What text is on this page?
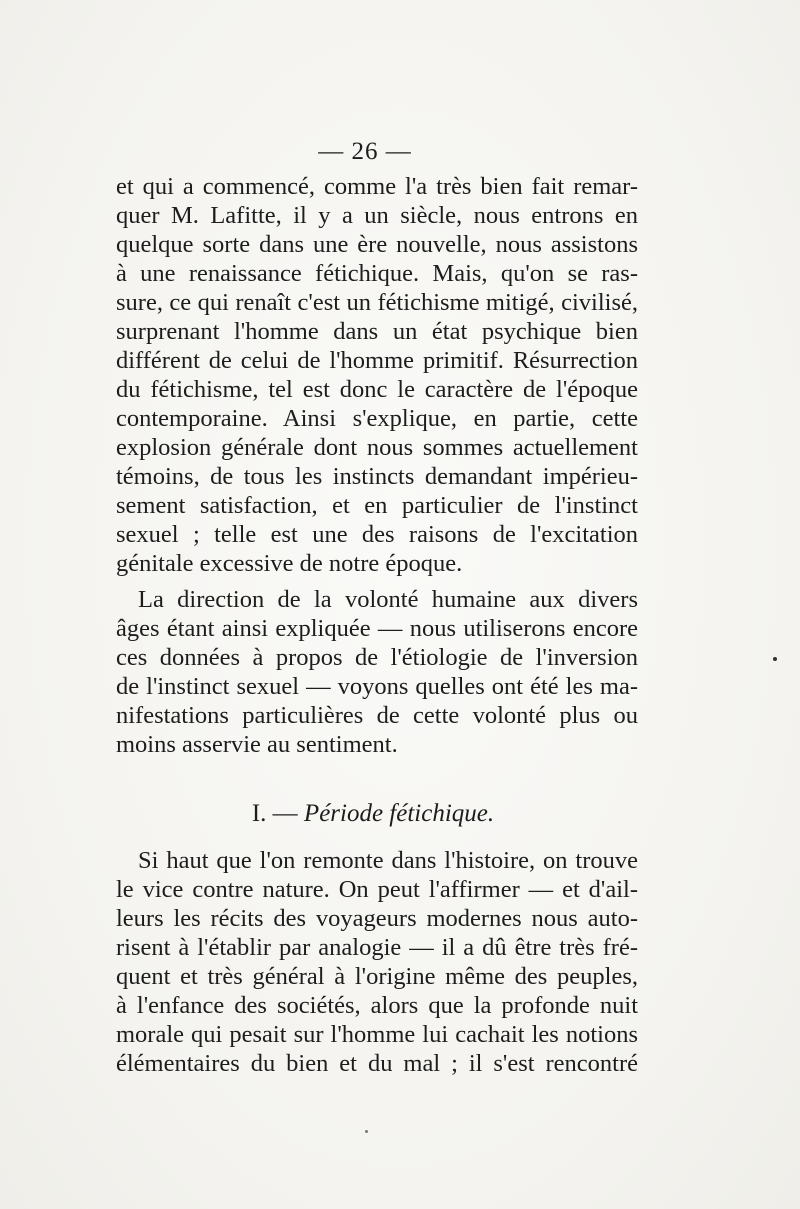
— 26 —
et qui a commencé, comme l'a très bien fait remar-
quer M. Lafitte, il y a un siècle, nous entrons en
quelque sorte dans une ère nouvelle, nous assistons
à une renaissance fétichique. Mais, qu'on se ras-
sure, ce qui renaît c'est un fétichisme mitigé, civilisé,
surprenant l'homme dans un état psychique bien
différent de celui de l'homme primitif. Résurrection
du fétichisme, tel est donc le caractère de l'époque
contemporaine. Ainsi s'explique, en partie, cette
explosion générale dont nous sommes actuellement
témoins, de tous les instincts demandant impérieu-
sement satisfaction, et en particulier de l'instinct
sexuel ; telle est une des raisons de l'excitation
génitale excessive de notre époque.
La direction de la volonté humaine aux divers
âges étant ainsi expliquée — nous utiliserons encore
ces données à propos de l'étiologie de l'inversion
de l'instinct sexuel — voyons quelles ont été les ma-
nifestations particulières de cette volonté plus ou
moins asservie au sentiment.
I. — Période fétichique.
Si haut que l'on remonte dans l'histoire, on trouve
le vice contre nature. On peut l'affirmer — et d'ail-
leurs les récits des voyageurs modernes nous auto-
risent à l'établir par analogie — il a dû être très fré-
quent et très général à l'origine même des peuples,
à l'enfance des sociétés, alors que la profonde nuit
morale qui pesait sur l'homme lui cachait les notions
élémentaires du bien et du mal ; il s'est rencontré
